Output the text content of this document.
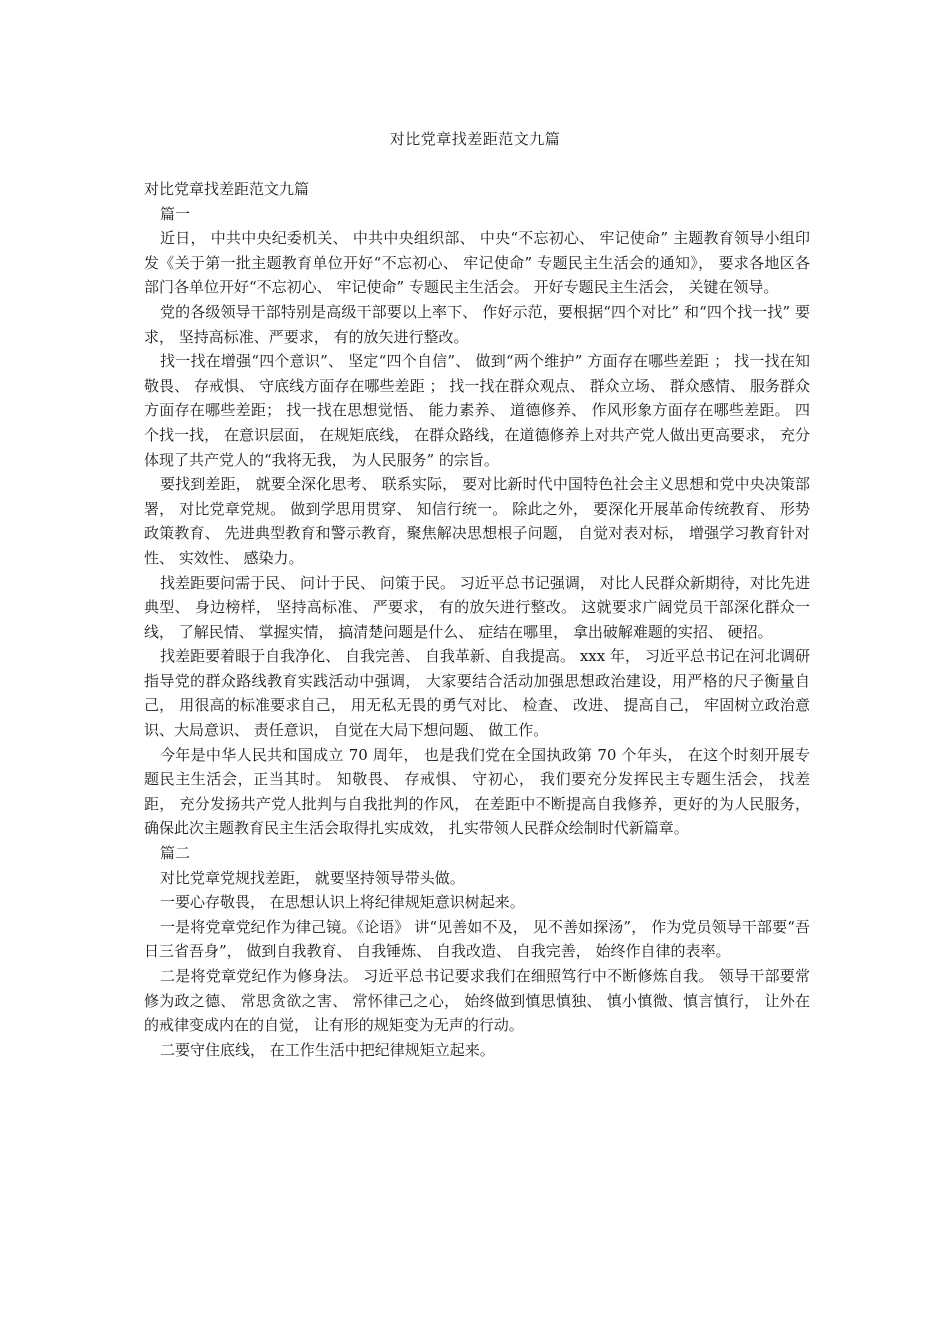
对比党章找差距范文九篇

对比党章找差距范文九篇

篇一

近日， 中共中央纪委机关、 中共中央组织部、 中央“不忘初心、 牢记使命” 主题教育领导小组印发《关于第一批主题教育单位开好“不忘初心、 牢记使命” 专题民主生活会的通知》， 要求各地区各部门各单位开好“不忘初心、 牢记使命” 专题民主生活会。 开好专题民主生活会， 关键在领导。

党的各级领导干部特别是高级干部要以上率下、 作好示范，要根据“四个对比” 和“四个找一找” 要求， 坚持高标准、严要求， 有的放矢进行整改。

找一找在增强“四个意识”、 坚定“四个自信”、 做到“两个维护” 方面存在哪些差距 ； 找一找在知敬畏、 存戒惧、 守底线方面存在哪些差距 ； 找一找在群众观点、 群众立场、 群众感情、 服务群众方面存在哪些差距； 找一找在思想觉悟、 能力素养、 道德修养、 作风形象方面存在哪些差距。 四个找一找， 在意识层面， 在规矩底线， 在群众路线，在道德修养上对共产党人做出更高要求， 充分体现了共产党人的“我将无我， 为人民服务” 的宗旨。

要找到差距， 就要全深化思考、 联系实际， 要对比新时代中国特色社会主义思想和党中央决策部署， 对比党章党规。 做到学思用贯穿、 知信行统一。 除此之外， 要深化开展革命传统教育、 形势政策教育、 先进典型教育和警示教育，聚焦解决思想根子问题， 自觉对表对标， 增强学习教育针对性、 实效性、 感染力。

找差距要问需于民、 问计于民、 问策于民。 习近平总书记强调， 对比人民群众新期待，对比先进典型、 身边榜样， 坚持高标准、 严要求， 有的放矢进行整改。 这就要求广阔党员干部深化群众一线， 了解民情、 掌握实情， 搞清楚问题是什么、 症结在哪里， 拿出破解难题的实招、 硬招。

找差距要着眼于自我净化、 自我完善、 自我革新、自我提高。 xxx 年， 习近平总书记在河北调研指导党的群众路线教育实践活动中强调， 大家要结合活动加强思想政治建设，用严格的尺子衡量自己， 用很高的标准要求自己， 用无私无畏的勇气对比、 检查、 改进、 提高自己， 牢固树立政治意识、大局意识、 责任意识， 自觉在大局下想问题、 做工作。

今年是中华人民共和国成立 70 周年， 也是我们党在全国执政第 70 个年头， 在这个时刻开展专题民主生活会，正当其时。 知敬畏、 存戒惧、 守初心， 我们要充分发挥民主专题生活会， 找差距， 充分发扬共产党人批判与自我批判的作风， 在差距中不断提高自我修养，更好的为人民服务， 确保此次主题教育民主生活会取得扎实成效， 扎实带领人民群众绘制时代新篇章。

篇二

对比党章党规找差距， 就要坚持领导带头做。

一要心存敬畏， 在思想认识上将纪律规矩意识树起来。

一是将党章党纪作为律己镜。《论语》 讲“见善如不及， 见不善如探汤”， 作为党员领导干部要“吾日三省吾身”， 做到自我教育、 自我锤炼、 自我改造、 自我完善， 始终作自律的表率。

二是将党章党纪作为修身法。 习近平总书记要求我们在细照笃行中不断修炼自我。 领导干部要常修为政之德、 常思贪欲之害、 常怀律己之心， 始终做到慎思慎独、 慎小慎微、慎言慎行， 让外在的戒律变成内在的自觉， 让有形的规矩变为无声的行动。

二要守住底线， 在工作生活中把纪律规矩立起来。
